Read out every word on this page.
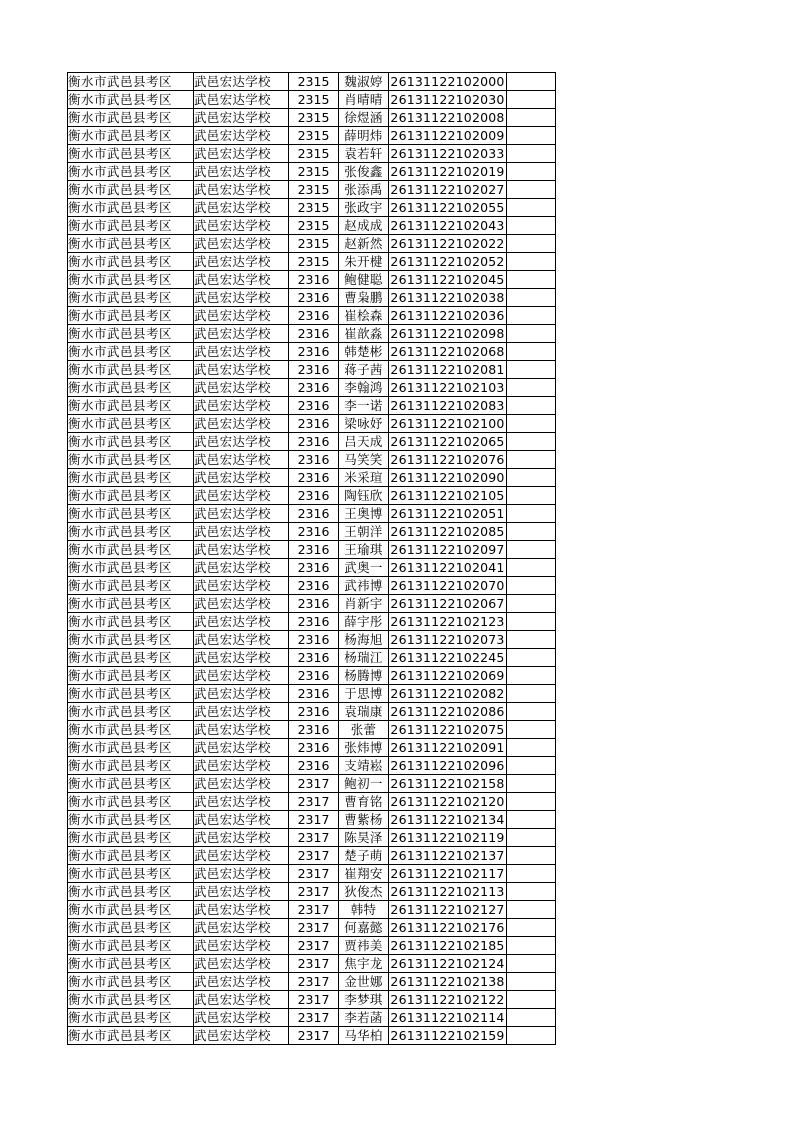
衡水市武邑县考区	武邑宏达学校	2315	魏淑婷	26131122102000	
衡水市武邑县考区	武邑宏达学校	2315	肖晴晴	26131122102030	
衡水市武邑县考区	武邑宏达学校	2315	徐煜涵	26131122102008	
衡水市武邑县考区	武邑宏达学校	2315	薛明炜	26131122102009	
衡水市武邑县考区	武邑宏达学校	2315	袁若轩	26131122102033	
衡水市武邑县考区	武邑宏达学校	2315	张俊鑫	26131122102019	
衡水市武邑县考区	武邑宏达学校	2315	张添禹	26131122102027	
衡水市武邑县考区	武邑宏达学校	2315	张政宇	26131122102055	
衡水市武邑县考区	武邑宏达学校	2315	赵成成	26131122102043	
衡水市武邑县考区	武邑宏达学校	2315	赵新然	26131122102022	
衡水市武邑县考区	武邑宏达学校	2315	朱开楗	26131122102052	
衡水市武邑县考区	武邑宏达学校	2316	鲍健聪	26131122102045	
衡水市武邑县考区	武邑宏达学校	2316	曹枭鹏	26131122102038	
衡水市武邑县考区	武邑宏达学校	2316	崔桧森	26131122102036	
衡水市武邑县考区	武邑宏达学校	2316	崔歆淼	26131122102098	
衡水市武邑县考区	武邑宏达学校	2316	韩楚彬	26131122102068	
衡水市武邑县考区	武邑宏达学校	2316	蒋子茜	26131122102081	
衡水市武邑县考区	武邑宏达学校	2316	李翰鸿	26131122102103	
衡水市武邑县考区	武邑宏达学校	2316	李一诺	26131122102083	
衡水市武邑县考区	武邑宏达学校	2316	梁咏妤	26131122102100	
衡水市武邑县考区	武邑宏达学校	2316	吕天成	26131122102065	
衡水市武邑县考区	武邑宏达学校	2316	马笑笑	26131122102076	
衡水市武邑县考区	武邑宏达学校	2316	米采瑄	26131122102090	
衡水市武邑县考区	武邑宏达学校	2316	陶钰欣	26131122102105	
衡水市武邑县考区	武邑宏达学校	2316	王奥博	26131122102051	
衡水市武邑县考区	武邑宏达学校	2316	王朝洋	26131122102085	
衡水市武邑县考区	武邑宏达学校	2316	王瑜琪	26131122102097	
衡水市武邑县考区	武邑宏达学校	2316	武奥一	26131122102041	
衡水市武邑县考区	武邑宏达学校	2316	武祎博	26131122102070	
衡水市武邑县考区	武邑宏达学校	2316	肖新宇	26131122102067	
衡水市武邑县考区	武邑宏达学校	2316	薛宇彤	26131122102123	
衡水市武邑县考区	武邑宏达学校	2316	杨海旭	26131122102073	
衡水市武邑县考区	武邑宏达学校	2316	杨瑞江	26131122102245	
衡水市武邑县考区	武邑宏达学校	2316	杨腾博	26131122102069	
衡水市武邑县考区	武邑宏达学校	2316	于思博	26131122102082	
衡水市武邑县考区	武邑宏达学校	2316	袁瑞康	26131122102086	
衡水市武邑县考区	武邑宏达学校	2316	张蕾	26131122102075	
衡水市武邑县考区	武邑宏达学校	2316	张炜博	26131122102091	
衡水市武邑县考区	武邑宏达学校	2316	支靖崧	26131122102096	
衡水市武邑县考区	武邑宏达学校	2317	鲍初一	26131122102158	
衡水市武邑县考区	武邑宏达学校	2317	曹育铭	26131122102120	
衡水市武邑县考区	武邑宏达学校	2317	曹紫杨	26131122102134	
衡水市武邑县考区	武邑宏达学校	2317	陈昊泽	26131122102119	
衡水市武邑县考区	武邑宏达学校	2317	楚子萌	26131122102137	
衡水市武邑县考区	武邑宏达学校	2317	崔翔安	26131122102117	
衡水市武邑县考区	武邑宏达学校	2317	狄俊杰	26131122102113	
衡水市武邑县考区	武邑宏达学校	2317	韩特	26131122102127	
衡水市武邑县考区	武邑宏达学校	2317	何嘉懿	26131122102176	
衡水市武邑县考区	武邑宏达学校	2317	贾祎美	26131122102185	
衡水市武邑县考区	武邑宏达学校	2317	焦宇龙	26131122102124	
衡水市武邑县考区	武邑宏达学校	2317	金世娜	26131122102138	
衡水市武邑县考区	武邑宏达学校	2317	李梦琪	26131122102122	
衡水市武邑县考区	武邑宏达学校	2317	李若菡	26131122102114	
衡水市武邑县考区	武邑宏达学校	2317	马华柏	26131122102159	
